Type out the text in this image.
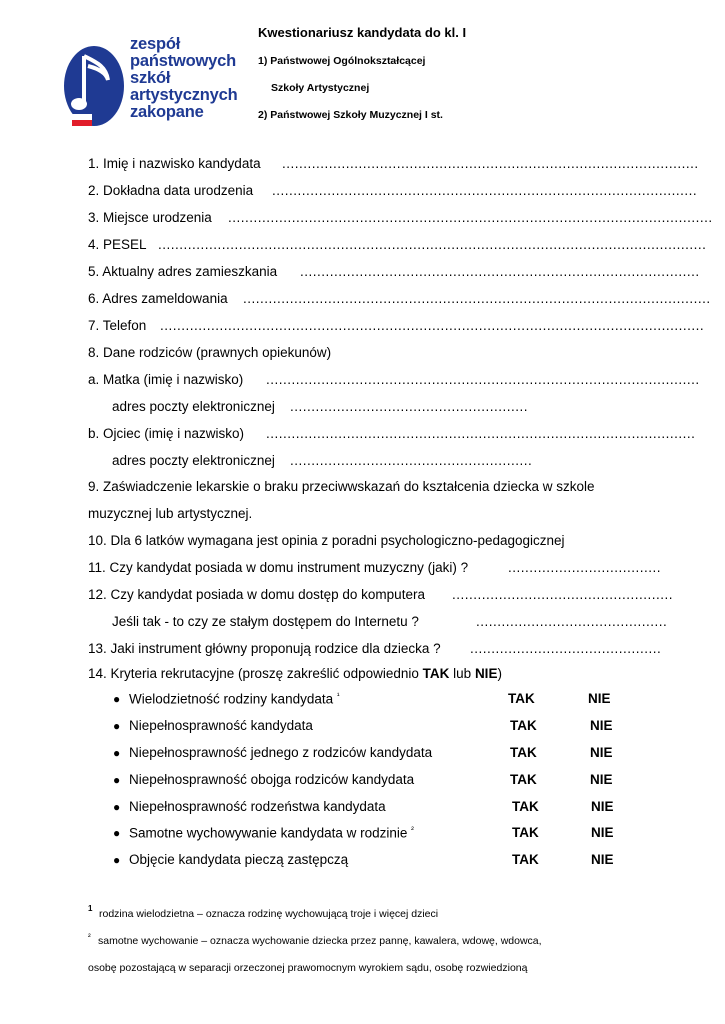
zespół
państwowych
szkół
artystycznych
zakopane
Kwestionariusz kandydata do kl. I
1) Państwowej Ogólnokształcącej
Szkoły Artystycznej
2) Państwowej Szkoły Muzycznej I st.
1. Imię i nazwisko kandydata ..................................................................................................
2. Dokładna data urodzenia ....................................................................................................
3. Miejsce urodzenia ..................................................................................................................
4. PESEL .................................................................................................................................
5. Aktualny adres zamieszkania ..............................................................................................
6. Adres zameldowania ..............................................................................................................
7. Telefon ................................................................................................................................
8. Dane rodziców (prawnych opiekunów)
a. Matka (imię i nazwisko) ......................................................................................................
adres poczty elektronicznej ........................................................
b. Ojciec (imię i nazwisko) .....................................................................................................
adres poczty elektronicznej .........................................................
9. Zaświadczenie lekarskie o braku przeciwwskazań do kształcenia dziecka w szkole
muzycznej lub artystycznej.
10. Dla 6 latków wymagana jest opinia z poradni psychologiczno-pedagogicznej
11. Czy kandydat posiada w domu instrument muzyczny (jaki) ?	....................................
12. Czy kandydat posiada w domu dostęp do komputera ....................................................
Jeśli tak - to czy ze stałym dostępem do Internetu ?	.............................................
13. Jaki instrument główny proponują rodzice dla dziecka ? .............................................
14. Kryteria rekrutacyjne (proszę zakreślić odpowiednio TAK lub NIE)
● Wielodzietność rodziny kandydata $^{^1}$	TAK	NIE
● Niepełnosprawność kandydata	TAK	NIE
● Niepełnosprawność jednego z rodziców kandydata	TAK	NIE
● Niepełnosprawność obojga rodziców kandydata	TAK	NIE
● Niepełnosprawność rodzeństwa kandydata	TAK	NIE
● Samotne wychowywanie kandydata w rodzinie $^{^2}$	TAK	NIE
● Objęcie kandydata pieczą zastępczą	TAK	NIE
1 rodzina wielodzietna – oznacza rodzinę wychowującą troje i więcej dzieci
² samotne wychowanie – oznacza wychowanie dziecka przez pannę, kawalera, wdowę, wdowca,
osobę pozostającą w separacji orzeczonej prawomocnym wyrokiem sądu, osobę rozwiedzioną
